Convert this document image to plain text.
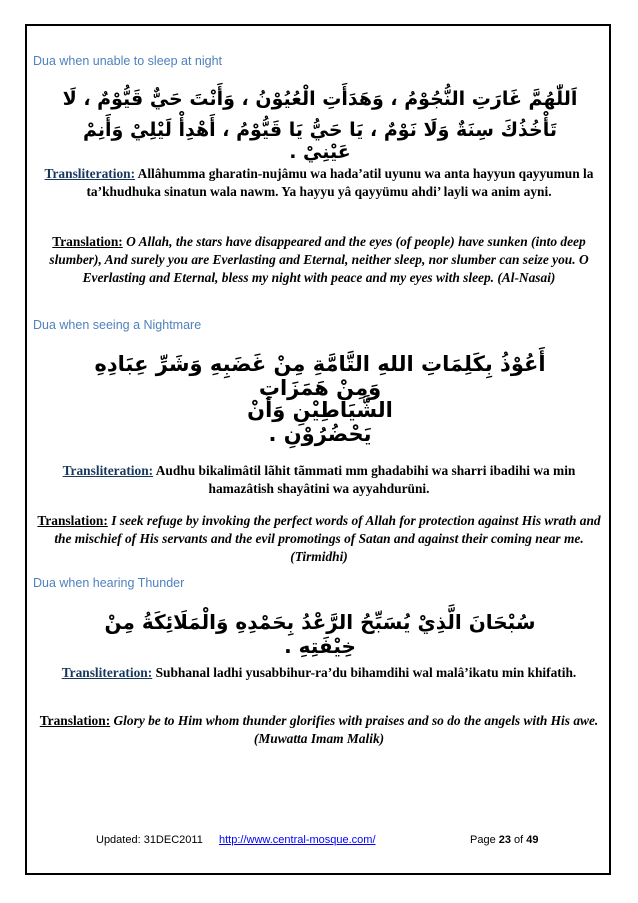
Dua when unable to sleep at night
اَللّٰهُمَّ غَارَتِ النُّجُوْمُ ، وَهَدَأَتِ الْعُيُوْنُ ، وَأَنْتَ حَيٌّ قَيُّوْمٌ ، لَا
تَأْخُذُكَ سِنَةٌ وَلَا نَوْمٌ ، يَا حَيُّ يَا قَيُّوْمُ ، أَهْدِأْ لَيْلِيْ وَأَنِمْ عَيْنِيْ .
Transliteration: Allâhumma gharatin-nujâmu wa hada’atil uyunu wa anta hayyun qayyumun la ta’khudhuka sinatun wala nawm. Ya hayyu yâ qayyümu ahdi’ layli wa anim ayni.
Translation: O Allah, the stars have disappeared and the eyes (of people) have sunken (into deep slumber), And surely you are Everlasting and Eternal, neither sleep, nor slumber can seize you. O Everlasting and Eternal, bless my night with peace and my eyes with sleep. (Al-Nasai)
Dua when seeing a Nightmare
أَعُوْذُ بِكَلِمَاتِ اللهِ التَّامَّةِ مِنْ غَضَبِهِ وَشَرِّ عِبَادِهِ وَمِنْ هَمَزَاتِ
الشَّيَاطِيْنِ وَأَنْ يَحْضُرُوْنِ .
Transliteration: Audhu bikalimâtil lãhit tãmmati mm ghadabihi wa sharri ibadihi wa min hamazâtish shayâtini wa ayyahdurüni.
Translation: I seek refuge by invoking the perfect words of Allah for protection against His wrath and the mischief of His servants and the evil promotings of Satan and against their coming near me.(Tirmidhi)
Dua when hearing Thunder
سُبْحَانَ الَّذِيْ يُسَبِّحُ الرَّعْدُ بِحَمْدِهِ وَالْمَلَائِكَةُ مِنْ خِيْفَتِهِ .
Transliteration: Subhanal ladhi yusabbihur-ra’du bihamdihi wal malâ’ikatu min khifatih.
Translation: Glory be to Him whom thunder glorifies with praises and so do the angels with His awe.(Muwatta Imam Malik)
Updated: 31DEC2011 http://www.central-mosque.com/	Page 23 of 49
